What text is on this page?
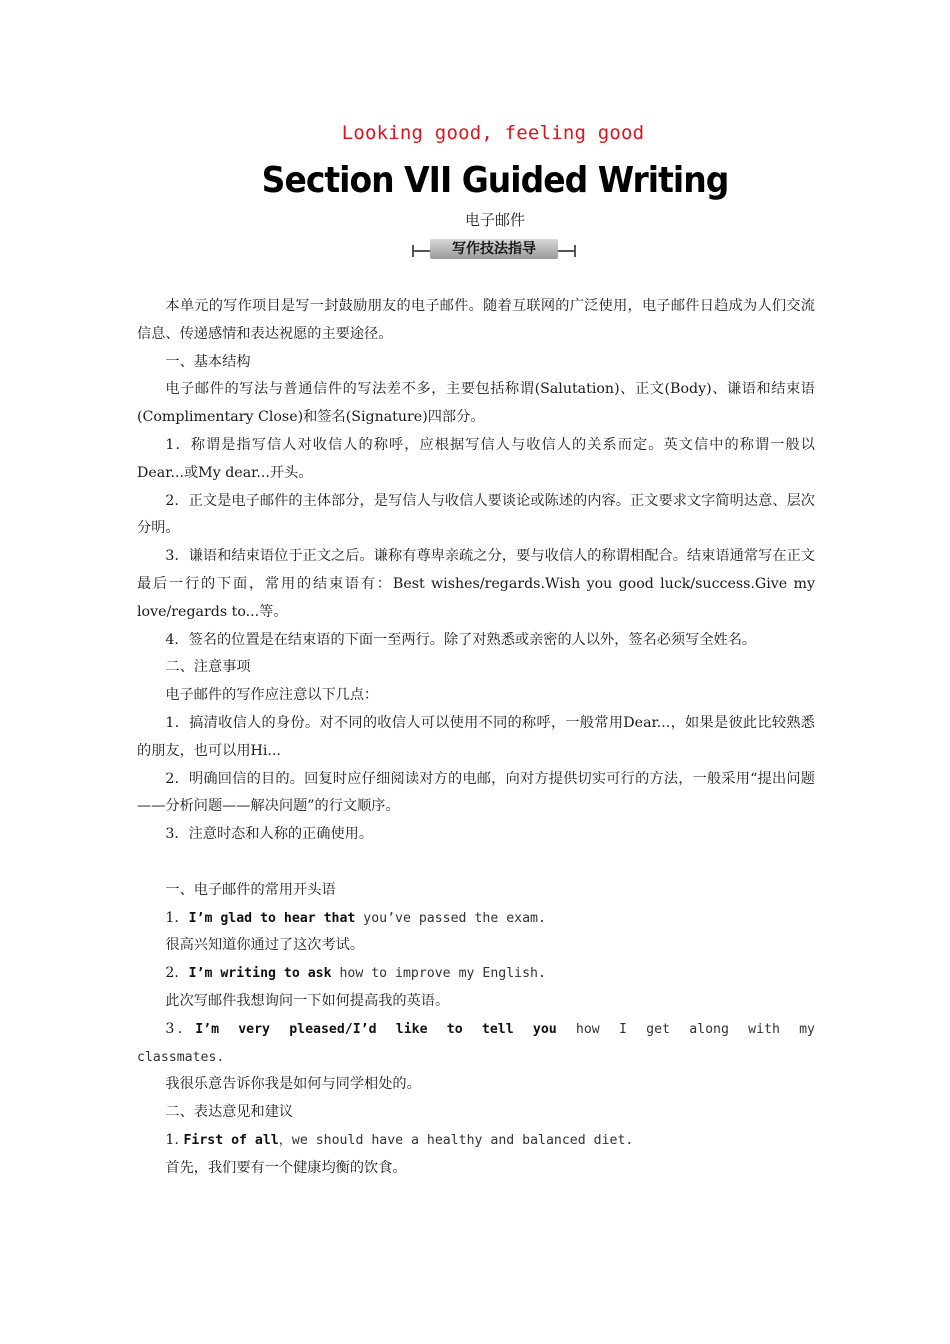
Looking good, feeling good
Section VII Guided Writing
电子邮件
写作技法指导

本单元的写作项目是写一封鼓励朋友的电子邮件。随着互联网的广泛使用，电子邮件日趋成为人们交流信息、传递感情和表达祝愿的主要途径。

一、基本结构

电子邮件的写法与普通信件的写法差不多，主要包括称谓(Salutation)、正文(Body)、谦语和结束语(Complimentary Close)和签名(Signature)四部分。

1．称谓是指写信人对收信人的称呼，应根据写信人与收信人的关系而定。英文信中的称谓一般以Dear...或My dear...开头。

2．正文是电子邮件的主体部分，是写信人与收信人要谈论或陈述的内容。正文要求文字简明达意、层次分明。

3．谦语和结束语位于正文之后。谦称有尊卑亲疏之分，要与收信人的称谓相配合。结束语通常写在正文最后一行的下面，常用的结束语有：Best wishes/regards.Wish you good luck/success.Give my love/regards to...等。

4．签名的位置是在结束语的下面一至两行。除了对熟悉或亲密的人以外，签名必须写全姓名。

二、注意事项

电子邮件的写作应注意以下几点：

1．搞清收信人的身份。对不同的收信人可以使用不同的称呼，一般常用Dear...，如果是彼此比较熟悉的朋友，也可以用Hi...

2．明确回信的目的。回复时应仔细阅读对方的电邮，向对方提供切实可行的方法，一般采用“提出问题——分析问题——解决问题”的行文顺序。

3．注意时态和人称的正确使用。

一、电子邮件的常用开头语

1．I’m glad to hear that you’ve passed the exam.

很高兴知道你通过了这次考试。

2．I’m writing to ask how to improve my English.

此次写邮件我想询问一下如何提高我的英语。

3．I’m very pleased/I’d like to tell you how I get along with my classmates.

我很乐意告诉你我是如何与同学相处的。

二、表达意见和建议

1. First of all，we should have a healthy and balanced diet.

首先，我们要有一个健康均衡的饮食。
